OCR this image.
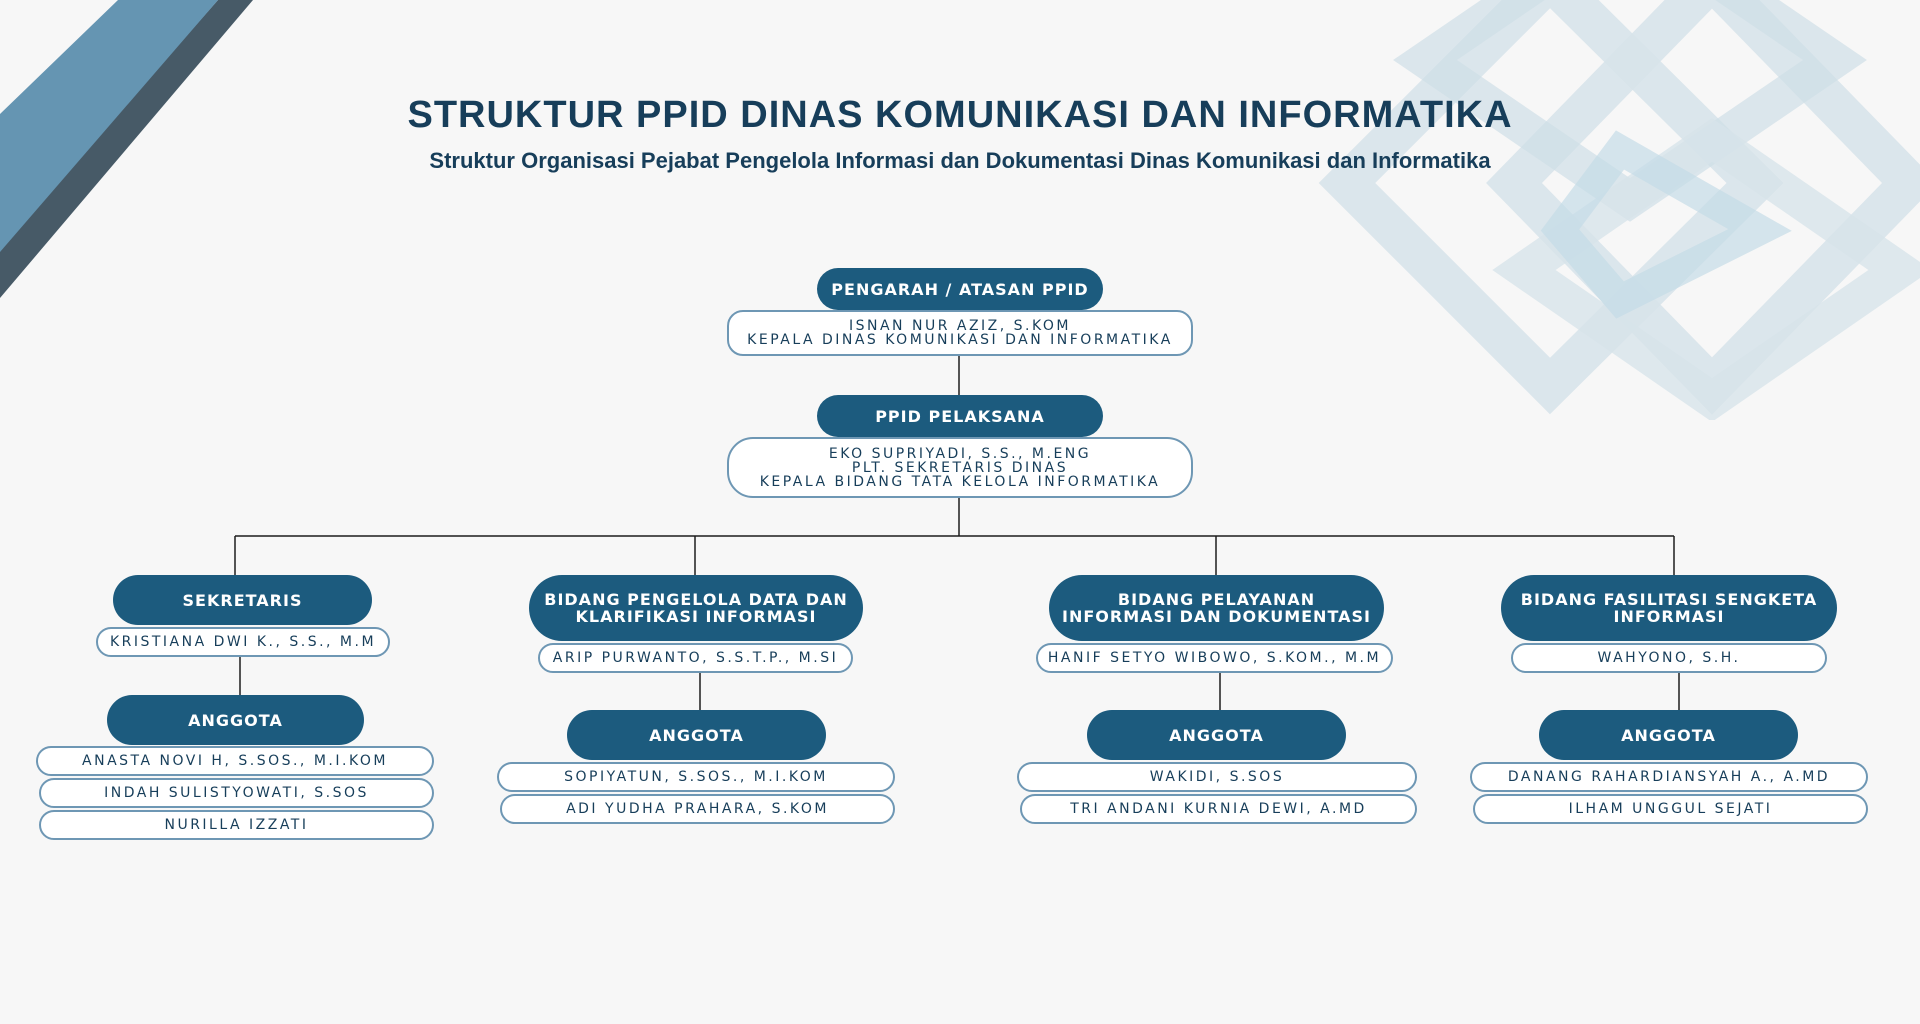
STRUKTUR PPID DINAS KOMUNIKASI DAN INFORMATIKA
Struktur Organisasi Pejabat Pengelola Informasi dan Dokumentasi Dinas Komunikasi dan Informatika
PENGARAH / ATASAN PPID
ISNAN NUR AZIZ, S.KOM
KEPALA DINAS KOMUNIKASI DAN INFORMATIKA
PPID PELAKSANA
EKO SUPRIYADI, S.S., M.ENG
PLT. SEKRETARIS DINAS
KEPALA BIDANG TATA KELOLA INFORMATIKA
SEKRETARIS
KRISTIANA DWI K., S.S., M.M
ANGGOTA
ANASTA NOVI H, S.SOS., M.I.KOM
INDAH SULISTYOWATI, S.SOS
NURILLA IZZATI
BIDANG PENGELOLA DATA DAN
KLARIFIKASI INFORMASI
ARIP PURWANTO, S.S.T.P., M.SI
ANGGOTA
SOPIYATUN, S.SOS., M.I.KOM
ADI YUDHA PRAHARA, S.KOM
BIDANG PELAYANAN
INFORMASI DAN DOKUMENTASI
HANIF SETYO WIBOWO, S.KOM., M.M
ANGGOTA
WAKIDI, S.SOS
TRI ANDANI KURNIA DEWI, A.MD
BIDANG FASILITASI SENGKETA
INFORMASI
WAHYONO, S.H.
ANGGOTA
DANANG RAHARDIANSYAH A., A.MD
ILHAM UNGGUL SEJATI
